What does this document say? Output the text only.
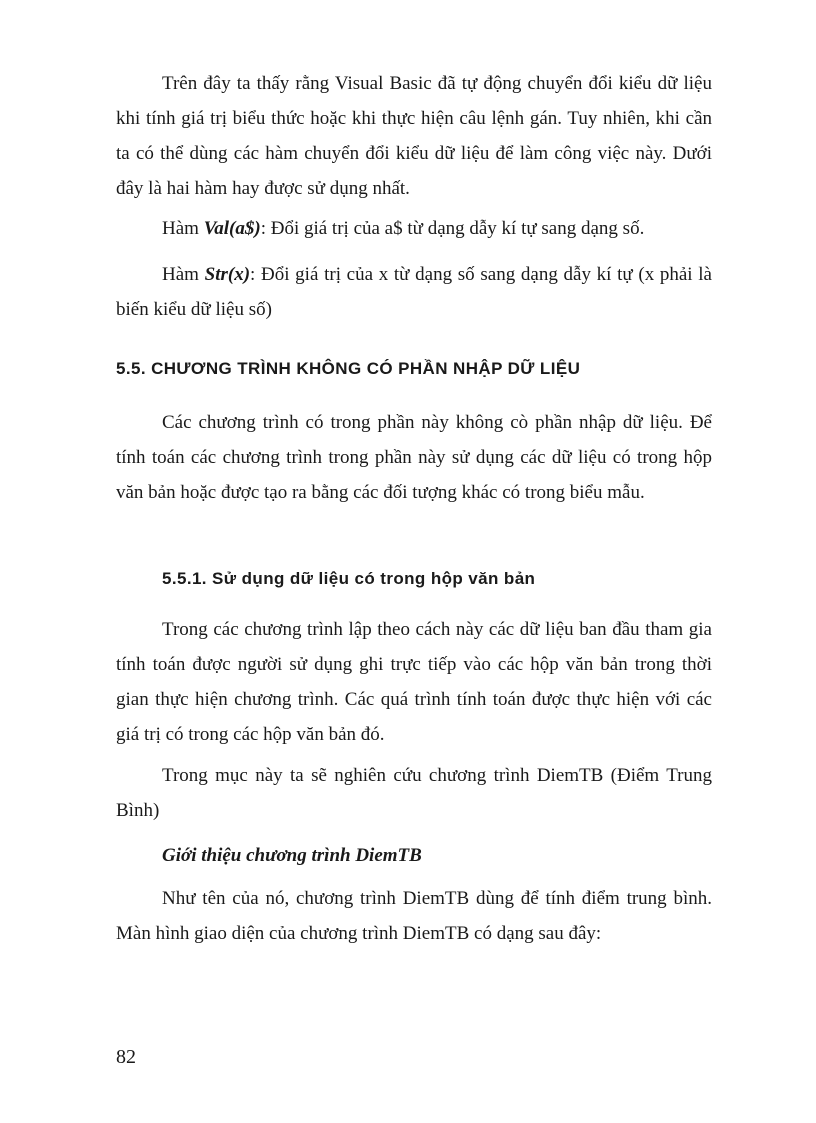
Trên đây ta thấy rằng Visual Basic đã tự động chuyển đổi kiểu dữ liệu khi tính giá trị biểu thức hoặc khi thực hiện câu lệnh gán. Tuy nhiên, khi cần ta có thể dùng các hàm chuyển đổi kiểu dữ liệu để làm công việc này. Dưới đây là hai hàm hay được sử dụng nhất.

Hàm Val(a$): Đổi giá trị của a$ từ dạng dẫy kí tự sang dạng số.

Hàm Str(x): Đổi giá trị của x từ dạng số sang dạng dẫy kí tự (x phải là biến kiểu dữ liệu số)

5.5. CHƯƠNG TRÌNH KHÔNG CÓ PHẦN NHẬP DỮ LIỆU

Các chương trình có trong phần này không cò phần nhập dữ liệu. Để tính toán các chương trình trong phần này sử dụng các dữ liệu có trong hộp văn bản hoặc được tạo ra bằng các đối tượng khác có trong biểu mẫu.

5.5.1. Sử dụng dữ liệu có trong hộp văn bản

Trong các chương trình lập theo cách này các dữ liệu ban đầu tham gia tính toán được người sử dụng ghi trực tiếp vào các hộp văn bản trong thời gian thực hiện chương trình. Các quá trình tính toán được thực hiện với các giá trị có trong các hộp văn bản đó.

Trong mục này ta sẽ nghiên cứu chương trình DiemTB (Điểm Trung Bình)

Giới thiệu chương trình DiemTB

Như tên của nó, chương trình DiemTB dùng để tính điểm trung bình. Màn hình giao diện của chương trình DiemTB có dạng sau đây:

82
